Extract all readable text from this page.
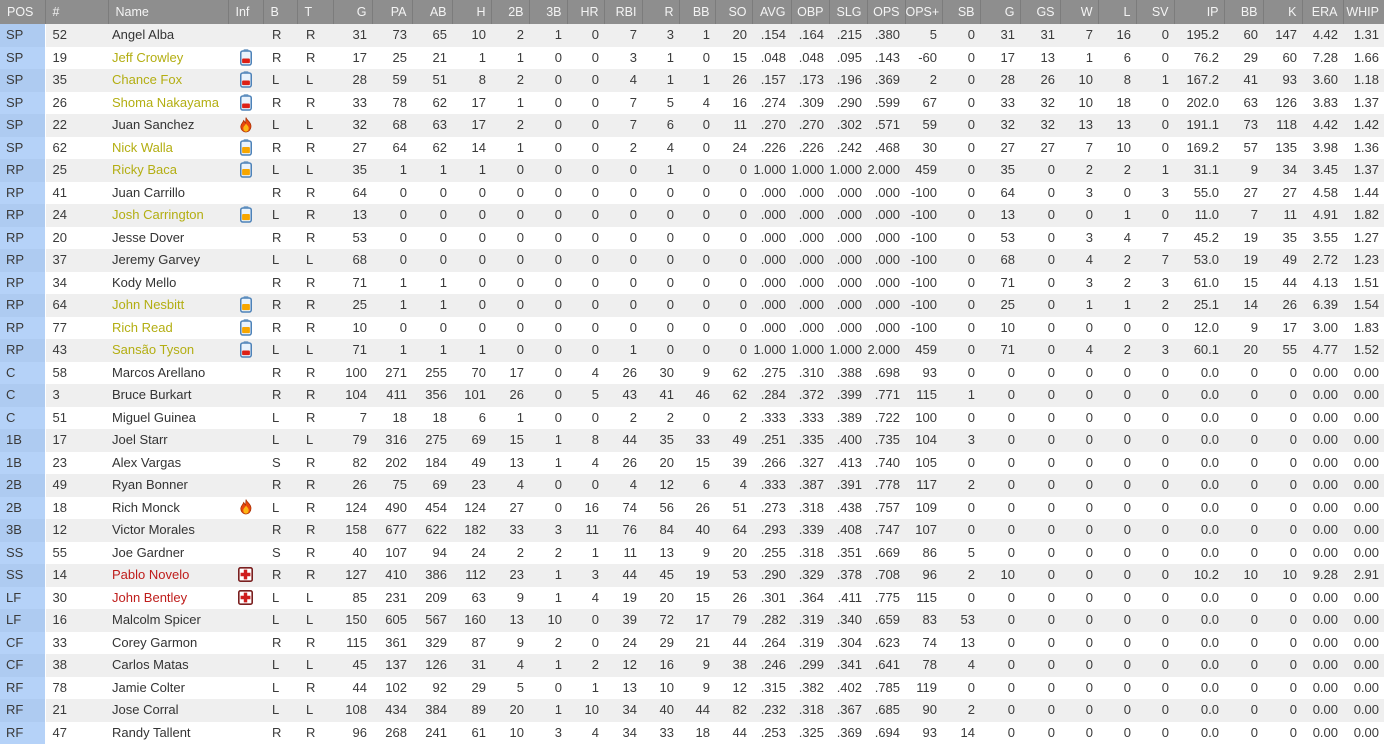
POS	#	Name	Inf	B	T	G	PA	AB	H	2B	3B	HR	RBI	R	BB	SO	AVG	OBP	SLG	OPS	OPS+	SB	G	GS	W	L	SV	IP	BB	K	ERA	WHIP
SP	52	Angel Alba		R	R	31	73	65	10	2	1	0	7	3	1	20	.154	.164	.215	.380	5	0	31	31	7	16	0	195.2	60	147	4.42	1.31
SP	19	Jeff Crowley		R	R	17	25	21	1	1	0	0	3	1	0	15	.048	.048	.095	.143	-60	0	17	13	1	6	0	76.2	29	60	7.28	1.66
SP	35	Chance Fox		L	L	28	59	51	8	2	0	0	4	1	1	26	.157	.173	.196	.369	2	0	28	26	10	8	1	167.2	41	93	3.60	1.18
SP	26	Shoma Nakayama		R	R	33	78	62	17	1	0	0	7	5	4	16	.274	.309	.290	.599	67	0	33	32	10	18	0	202.0	63	126	3.83	1.37
SP	22	Juan Sanchez		L	L	32	68	63	17	2	0	0	7	6	0	11	.270	.270	.302	.571	59	0	32	32	13	13	0	191.1	73	118	4.42	1.42
SP	62	Nick Walla		R	R	27	64	62	14	1	0	0	2	4	0	24	.226	.226	.242	.468	30	0	27	27	7	10	0	169.2	57	135	3.98	1.36
RP	25	Ricky Baca		L	L	35	1	1	1	0	0	0	0	1	0	0	1.000	1.000	1.000	2.000	459	0	35	0	2	2	1	31.1	9	34	3.45	1.37
RP	41	Juan Carrillo		R	R	64	0	0	0	0	0	0	0	0	0	0	.000	.000	.000	.000	-100	0	64	0	3	0	3	55.0	27	27	4.58	1.44
RP	24	Josh Carrington		L	R	13	0	0	0	0	0	0	0	0	0	0	.000	.000	.000	.000	-100	0	13	0	0	1	0	11.0	7	11	4.91	1.82
RP	20	Jesse Dover		R	R	53	0	0	0	0	0	0	0	0	0	0	.000	.000	.000	.000	-100	0	53	0	3	4	7	45.2	19	35	3.55	1.27
RP	37	Jeremy Garvey		L	L	68	0	0	0	0	0	0	0	0	0	0	.000	.000	.000	.000	-100	0	68	0	4	2	7	53.0	19	49	2.72	1.23
RP	34	Kody Mello		R	R	71	1	1	0	0	0	0	0	0	0	0	.000	.000	.000	.000	-100	0	71	0	3	2	3	61.0	15	44	4.13	1.51
RP	64	John Nesbitt		R	R	25	1	1	0	0	0	0	0	0	0	0	.000	.000	.000	.000	-100	0	25	0	1	1	2	25.1	14	26	6.39	1.54
RP	77	Rich Read		R	R	10	0	0	0	0	0	0	0	0	0	0	.000	.000	.000	.000	-100	0	10	0	0	0	0	12.0	9	17	3.00	1.83
RP	43	Sansão Tyson		L	L	71	1	1	1	0	0	0	1	0	0	0	1.000	1.000	1.000	2.000	459	0	71	0	4	2	3	60.1	20	55	4.77	1.52
C	58	Marcos Arellano		R	R	100	271	255	70	17	0	4	26	30	9	62	.275	.310	.388	.698	93	0	0	0	0	0	0	0.0	0	0	0.00	0.00
C	3	Bruce Burkart		R	R	104	411	356	101	26	0	5	43	41	46	62	.284	.372	.399	.771	115	1	0	0	0	0	0	0.0	0	0	0.00	0.00
C	51	Miguel Guinea		L	R	7	18	18	6	1	0	0	2	2	0	2	.333	.333	.389	.722	100	0	0	0	0	0	0	0.0	0	0	0.00	0.00
1B	17	Joel Starr		L	L	79	316	275	69	15	1	8	44	35	33	49	.251	.335	.400	.735	104	3	0	0	0	0	0	0.0	0	0	0.00	0.00
1B	23	Alex Vargas		S	R	82	202	184	49	13	1	4	26	20	15	39	.266	.327	.413	.740	105	0	0	0	0	0	0	0.0	0	0	0.00	0.00
2B	49	Ryan Bonner		R	R	26	75	69	23	4	0	0	4	12	6	4	.333	.387	.391	.778	117	2	0	0	0	0	0	0.0	0	0	0.00	0.00
2B	18	Rich Monck		L	R	124	490	454	124	27	0	16	74	56	26	51	.273	.318	.438	.757	109	0	0	0	0	0	0	0.0	0	0	0.00	0.00
3B	12	Victor Morales		R	R	158	677	622	182	33	3	11	76	84	40	64	.293	.339	.408	.747	107	0	0	0	0	0	0	0.0	0	0	0.00	0.00
SS	55	Joe Gardner		S	R	40	107	94	24	2	2	1	11	13	9	20	.255	.318	.351	.669	86	5	0	0	0	0	0	0.0	0	0	0.00	0.00
SS	14	Pablo Novelo		R	R	127	410	386	112	23	1	3	44	45	19	53	.290	.329	.378	.708	96	2	10	0	0	0	0	10.2	10	10	9.28	2.91
LF	30	John Bentley		L	L	85	231	209	63	9	1	4	19	20	15	26	.301	.364	.411	.775	115	0	0	0	0	0	0	0.0	0	0	0.00	0.00
LF	16	Malcolm Spicer		L	L	150	605	567	160	13	10	0	39	72	17	79	.282	.319	.340	.659	83	53	0	0	0	0	0	0.0	0	0	0.00	0.00
CF	33	Corey Garmon		R	R	115	361	329	87	9	2	0	24	29	21	44	.264	.319	.304	.623	74	13	0	0	0	0	0	0.0	0	0	0.00	0.00
CF	38	Carlos Matas		L	L	45	137	126	31	4	1	2	12	16	9	38	.246	.299	.341	.641	78	4	0	0	0	0	0	0.0	0	0	0.00	0.00
RF	78	Jamie Colter		L	R	44	102	92	29	5	0	1	13	10	9	12	.315	.382	.402	.785	119	0	0	0	0	0	0	0.0	0	0	0.00	0.00
RF	21	Jose Corral		L	L	108	434	384	89	20	1	10	34	40	44	82	.232	.318	.367	.685	90	2	0	0	0	0	0	0.0	0	0	0.00	0.00
RF	47	Randy Tallent		R	R	96	268	241	61	10	3	4	34	33	18	44	.253	.325	.369	.694	93	14	0	0	0	0	0	0.0	0	0	0.00	0.00
